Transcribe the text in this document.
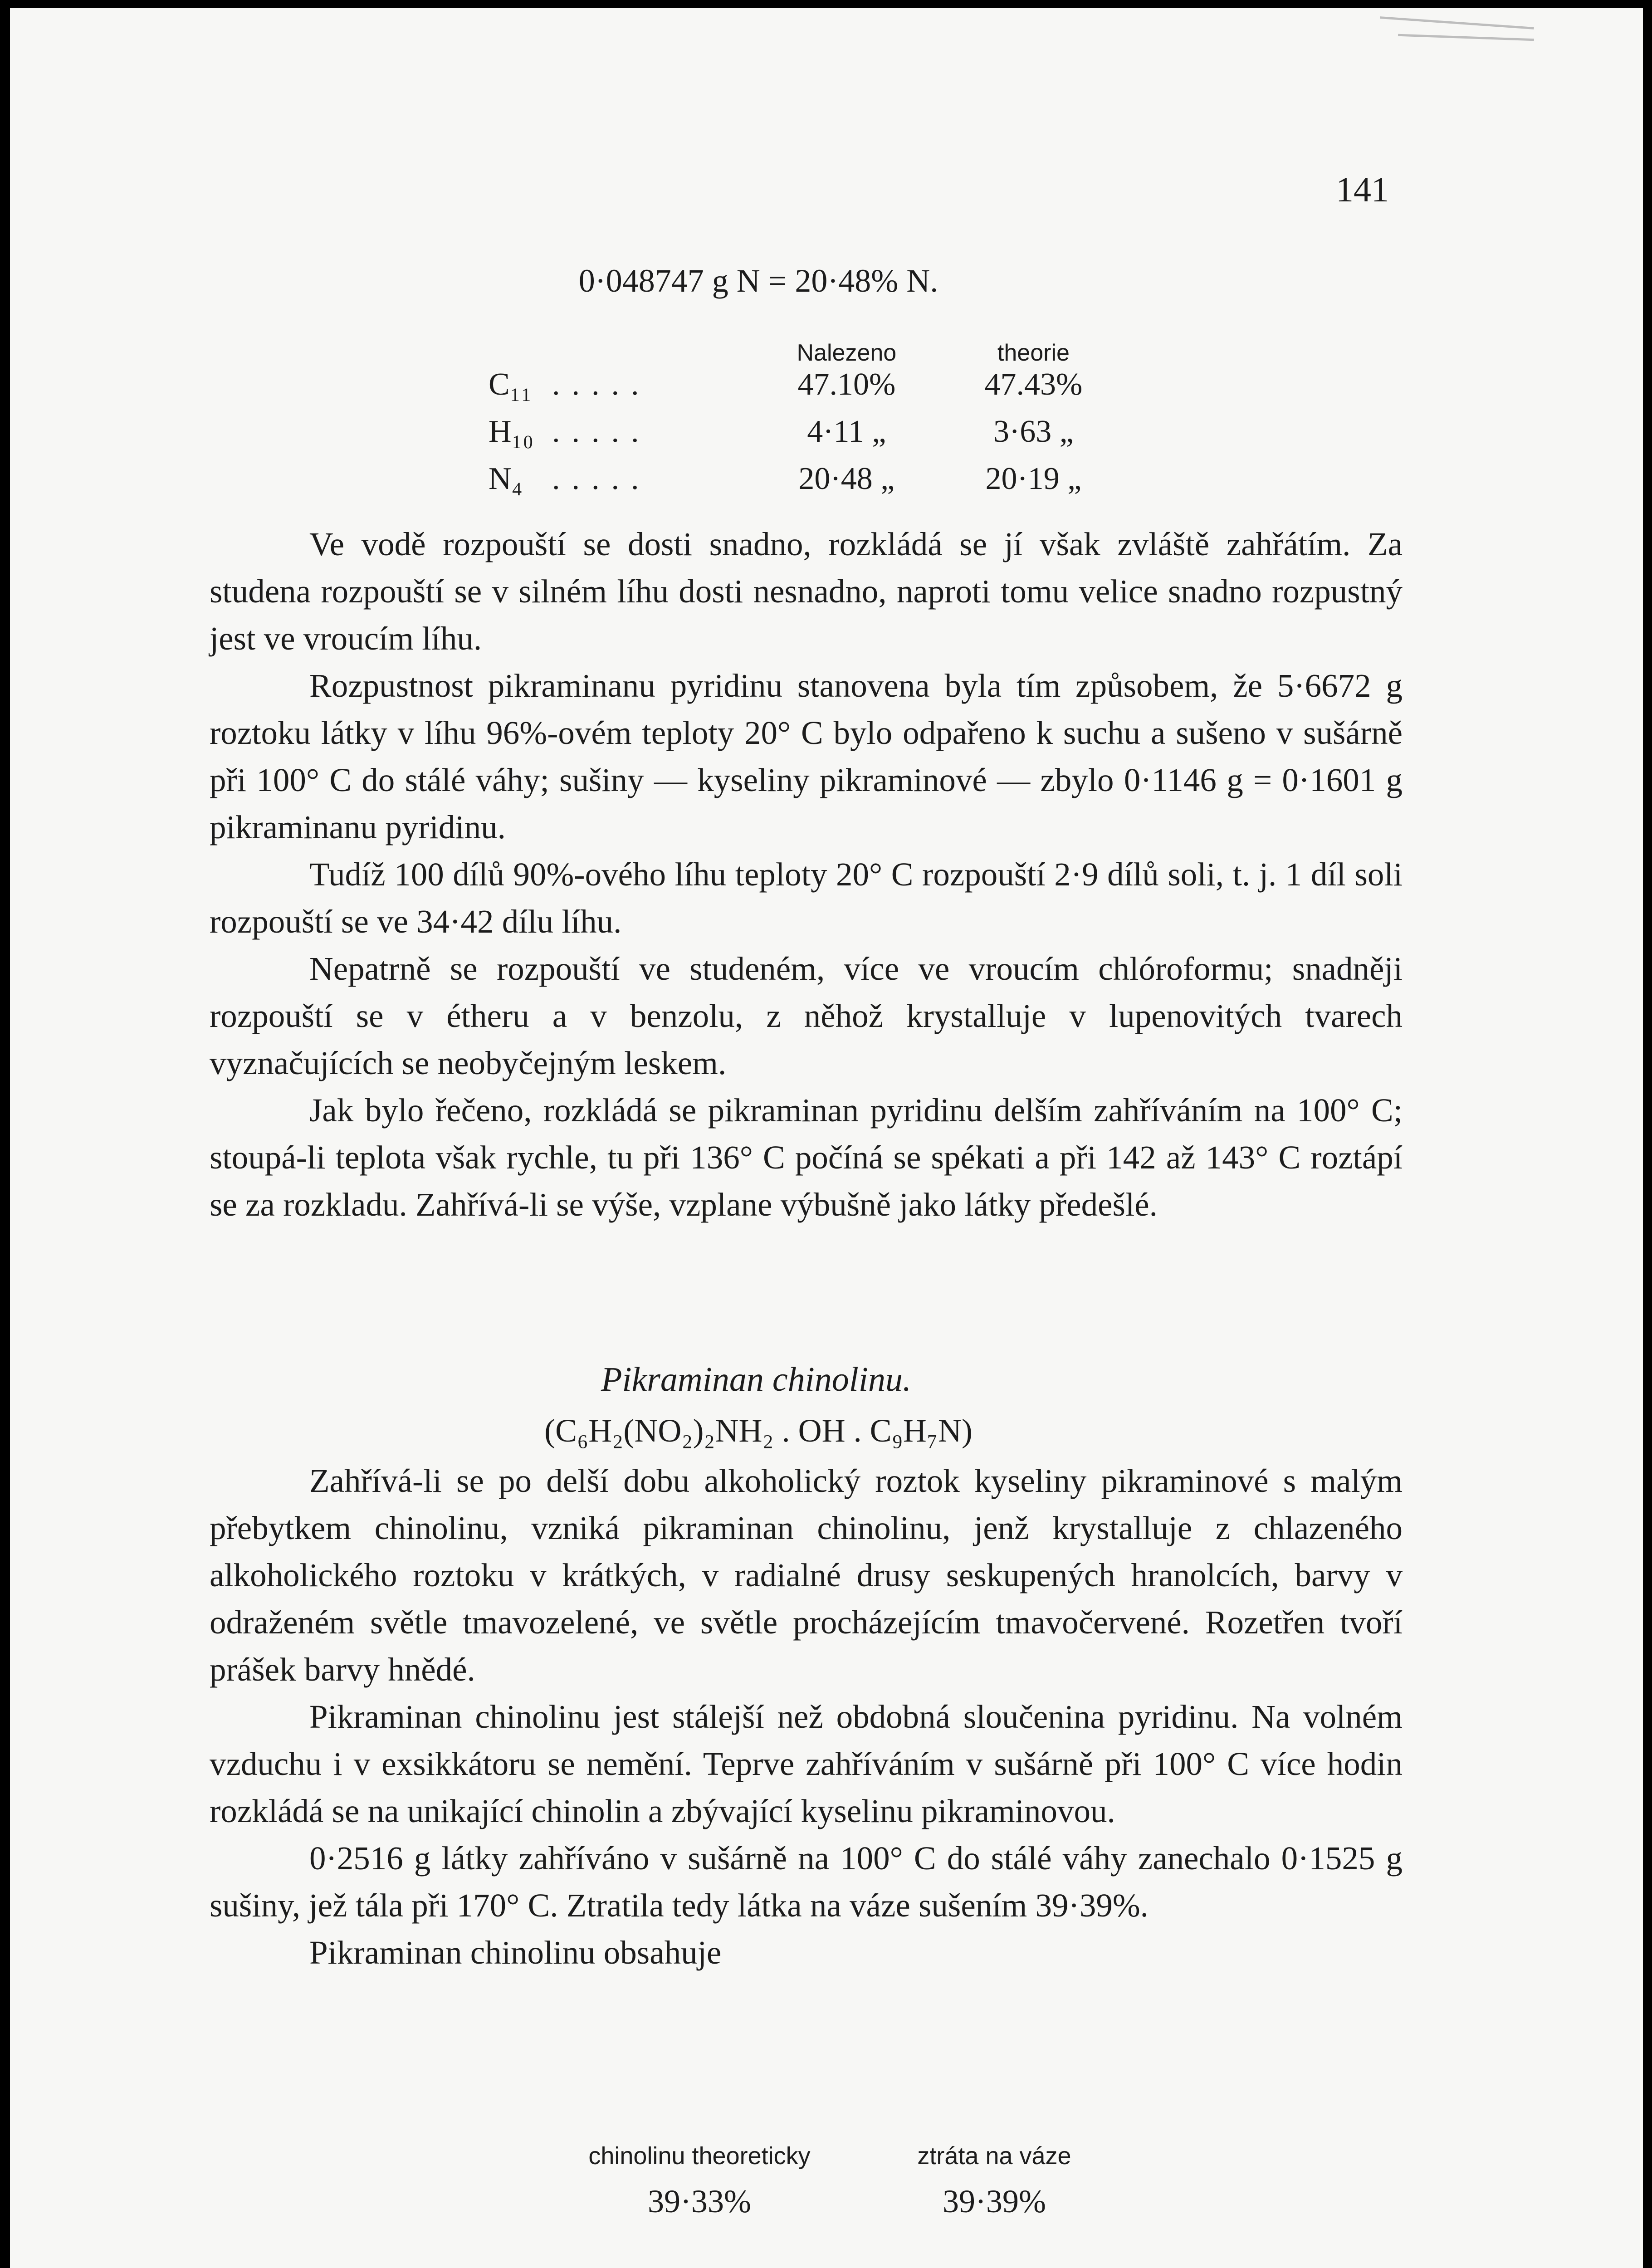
141
0·048747 g N = 20·48% N.
Nalezeno	theorie
C₁₁ .....	47.10%	47.43%
H₁₀ .....	4·11 „	3·63 „
N₄ .....	20·48 „	20·19 „

Ve vodě rozpouští se dosti snadno, rozkládá se jí však zvláště zahřátím. Za studena rozpouští se v silném líhu dosti nesnadno, naproti tomu velice snadno rozpustný jest ve vroucím líhu.

Rozpustnost pikraminanu pyridinu stanovena byla tím způsobem, že 5·6672 g roztoku látky v líhu 96%-ovém teploty 20° C bylo odpařeno k suchu a sušeno v sušárně při 100° C do stálé váhy; sušiny — kyseliny pikraminové — zbylo 0·1146 g = 0·1601 g pikraminanu pyridinu.

Tudíž 100 dílů 90%-ového líhu teploty 20° C rozpouští 2·9 dílů soli, t. j. 1 díl soli rozpouští se ve 34·42 dílu líhu.

Nepatrně se rozpouští ve studeném, více ve vroucím chlóroformu; snadněji rozpouští se v étheru a v benzolu, z něhož krystalluje v lupenovitých tvarech vyznačujících se neobyčejným leskem.

Jak bylo řečeno, rozkládá se pikraminan pyridinu delším zahříváním na 100° C; stoupá-li teplota však rychle, tu při 136° C počíná se spékati a při 142 až 143° C roztápí se za rozkladu. Zahřívá-li se výše, vzplane výbušně jako látky předešlé.

Pikraminan chinolinu.
(C₆H₂(NO₂)₂NH₂ . OH . C₉H₇N)

Zahřívá-li se po delší dobu alkoholický roztok kyseliny pikraminové s malým přebytkem chinolinu, vzniká pikraminan chinolinu, jenž krystalluje z chlazeného alkoholického roztoku v krátkých, v radialné drusy seskupených hranolcích, barvy v odraženém světle tmavozelené, ve světle procházejícím tmavočervené. Rozetřen tvoří prášek barvy hnědé.

Pikraminan chinolinu jest stálejší než obdobná sloučenina pyridinu. Na volném vzduchu i v exsikkátoru se nemění. Teprve zahříváním v sušárně při 100° C více hodin rozkládá se na unikající chinolin a zbývající kyselinu pikraminovou.

0·2516 g látky zahříváno v sušárně na 100° C do stálé váhy zanechalo 0·1525 g sušiny, jež tála při 170° C. Ztratila tedy látka na váze sušením 39·39%.

Pikraminan chinolinu obsahuje

chinolinu theoreticky	ztráta na váze
39·33%	39·39%
